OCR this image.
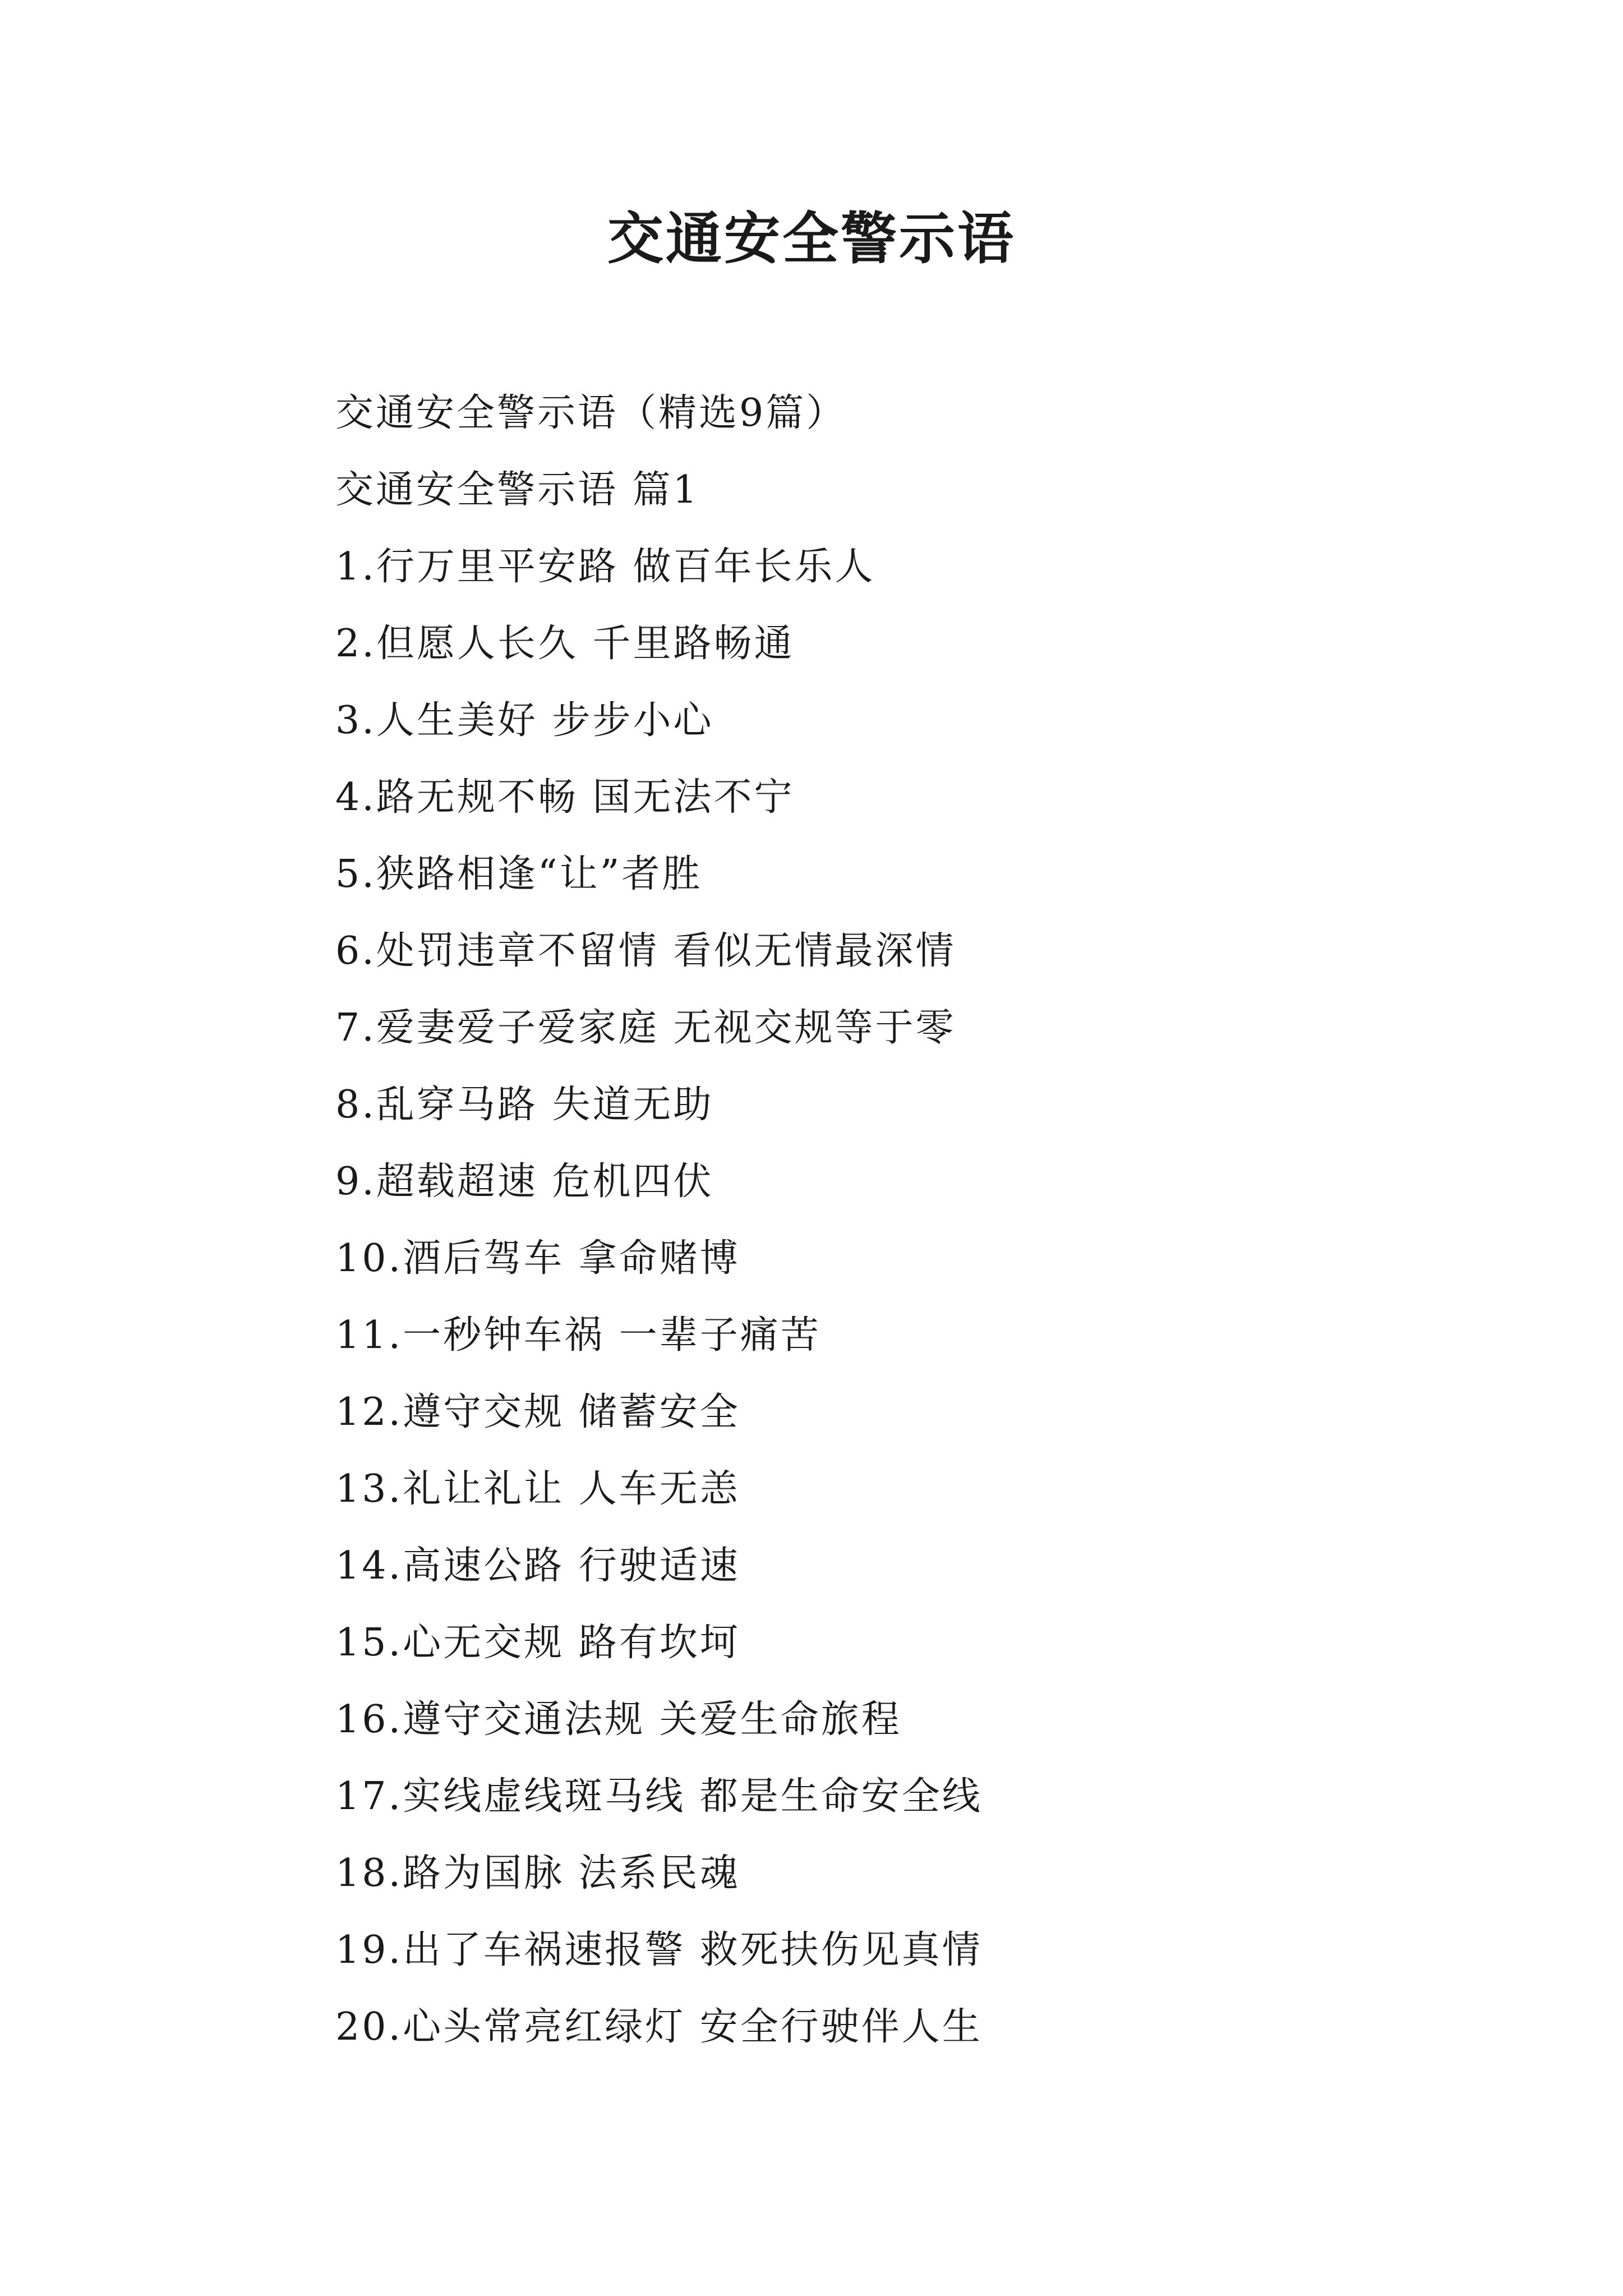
交通安全警示语
交通安全警示语（精选9篇）
交通安全警示语 篇1
1.行万里平安路 做百年长乐人
2.但愿人长久 千里路畅通
3.人生美好 步步小心
4.路无规不畅 国无法不宁
5.狭路相逢“让”者胜
6.处罚违章不留情 看似无情最深情
7.爱妻爱子爱家庭 无视交规等于零
8.乱穿马路 失道无助
9.超载超速 危机四伏
10.酒后驾车 拿命赌博
11.一秒钟车祸 一辈子痛苦
12.遵守交规 储蓄安全
13.礼让礼让 人车无恙
14.高速公路 行驶适速
15.心无交规 路有坎坷
16.遵守交通法规 关爱生命旅程
17.实线虚线斑马线 都是生命安全线
18.路为国脉 法系民魂
19.出了车祸速报警 救死扶伤见真情
20.心头常亮红绿灯 安全行驶伴人生
